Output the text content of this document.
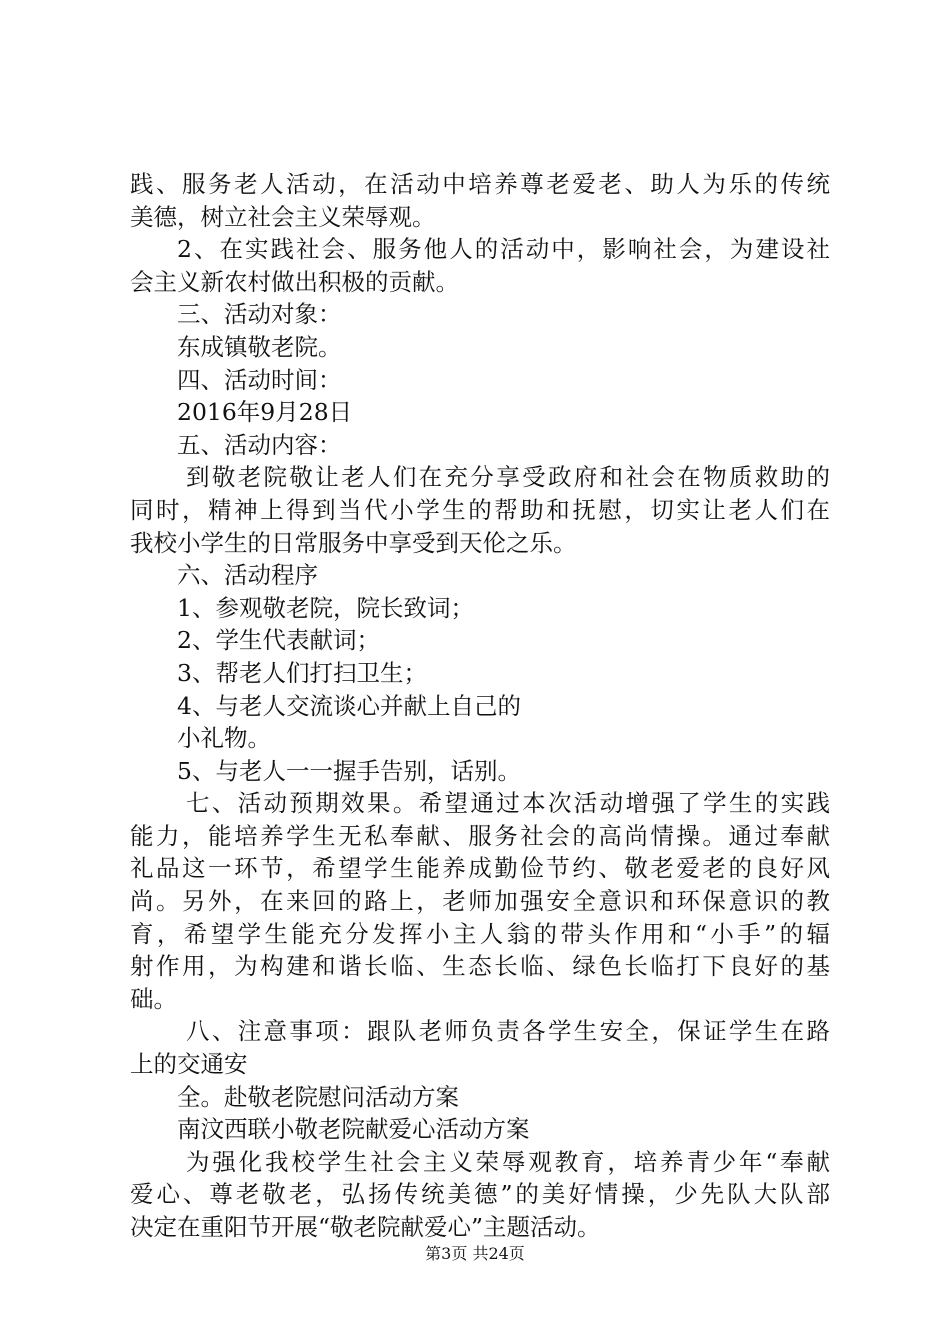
践、服务老人活动，在活动中培养尊老爱老、助人为乐的传统
美德，树立社会主义荣辱观。
2、在实践社会、服务他人的活动中，影响社会，为建设社
会主义新农村做出积极的贡献。
三、活动对象：
东成镇敬老院。
四、活动时间：
2016年9月28日
五、活动内容：
到敬老院敬让老人们在充分享受政府和社会在物质救助的
同时，精神上得到当代小学生的帮助和抚慰，切实让老人们在
我校小学生的日常服务中享受到天伦之乐。
六、活动程序
1、参观敬老院，院长致词；
2、学生代表献词；
3、帮老人们打扫卫生；
4、与老人交流谈心并献上自己的
小礼物。
5、与老人一一握手告别，话别。
七、活动预期效果。希望通过本次活动增强了学生的实践
能力，能培养学生无私奉献、服务社会的高尚情操。通过奉献
礼品这一环节，希望学生能养成勤俭节约、敬老爱老的良好风
尚。另外，在来回的路上，老师加强安全意识和环保意识的教
育，希望学生能充分发挥小主人翁的带头作用和“小手”的辐
射作用，为构建和谐长临、生态长临、绿色长临打下良好的基
础。
八、注意事项：跟队老师负责各学生安全，保证学生在路
上的交通安
全。赴敬老院慰问活动方案
南汶西联小敬老院献爱心活动方案
为强化我校学生社会主义荣辱观教育，培养青少年“奉献
爱心、尊老敬老，弘扬传统美德”的美好情操，少先队大队部
决定在重阳节开展“敬老院献爱心”主题活动。
第3页 共24页
